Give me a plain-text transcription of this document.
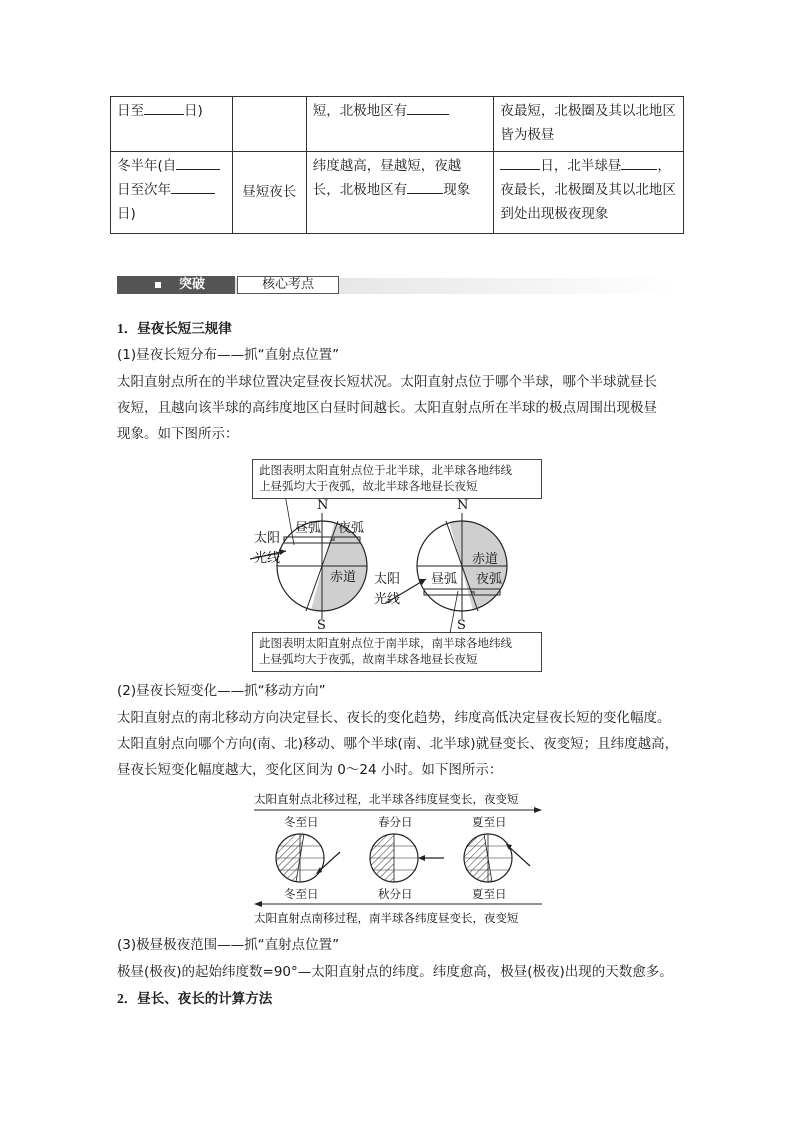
日至 日)		短，北极地区有	夜最短，北极圈及其以北地区皆为极昼
冬半年(自
日至次年
日)	昼短夜长	纬度越高，昼越短，夜越长，北极地区有 现象	日，北半球昼 ， 夜最长，北极圈及其以北地区到处出现极夜现象
突破	核心考点
1．昼夜长短三规律
(1)昼夜长短分布——抓“直射点位置”
太阳直射点所在的半球位置决定昼夜长短状况。太阳直射点位于哪个半球，哪个半球就昼长
夜短，且越向该半球的高纬度地区白昼时间越长。太阳直射点所在半球的极点周围出现极昼
现象。如下图所示：
此图表明太阳直射点位于北半球，北半球各地纬线
上昼弧均大于夜弧，故北半球各地昼长夜短
此图表明太阳直射点位于南半球，南半球各地纬线
上昼弧均大于夜弧，故南半球各地昼长夜短
N
S
昼弧 夜弧
赤道
太阳
光线
N
S
昼弧 夜弧
赤道
太阳
光线
(2)昼夜长短变化——抓“移动方向”
太阳直射点的南北移动方向决定昼长、夜长的变化趋势，纬度高低决定昼夜长短的变化幅度。
太阳直射点向哪个方向(南、北)移动、哪个半球(南、北半球)就昼变长、夜变短；且纬度越高，
昼夜长短变化幅度越大，变化区间为 0～24 小时。如下图所示：
太阳直射点北移过程，北半球各纬度昼变长，夜变短
冬至日	春分日	夏至日
冬至日	秋分日	夏至日
太阳直射点南移过程，南半球各纬度昼变长，夜变短
(3)极昼极夜范围——抓“直射点位置”
极昼(极夜)的起始纬度数=90°—太阳直射点的纬度。纬度愈高，极昼(极夜)出现的天数愈多。
2．昼长、夜长的计算方法
